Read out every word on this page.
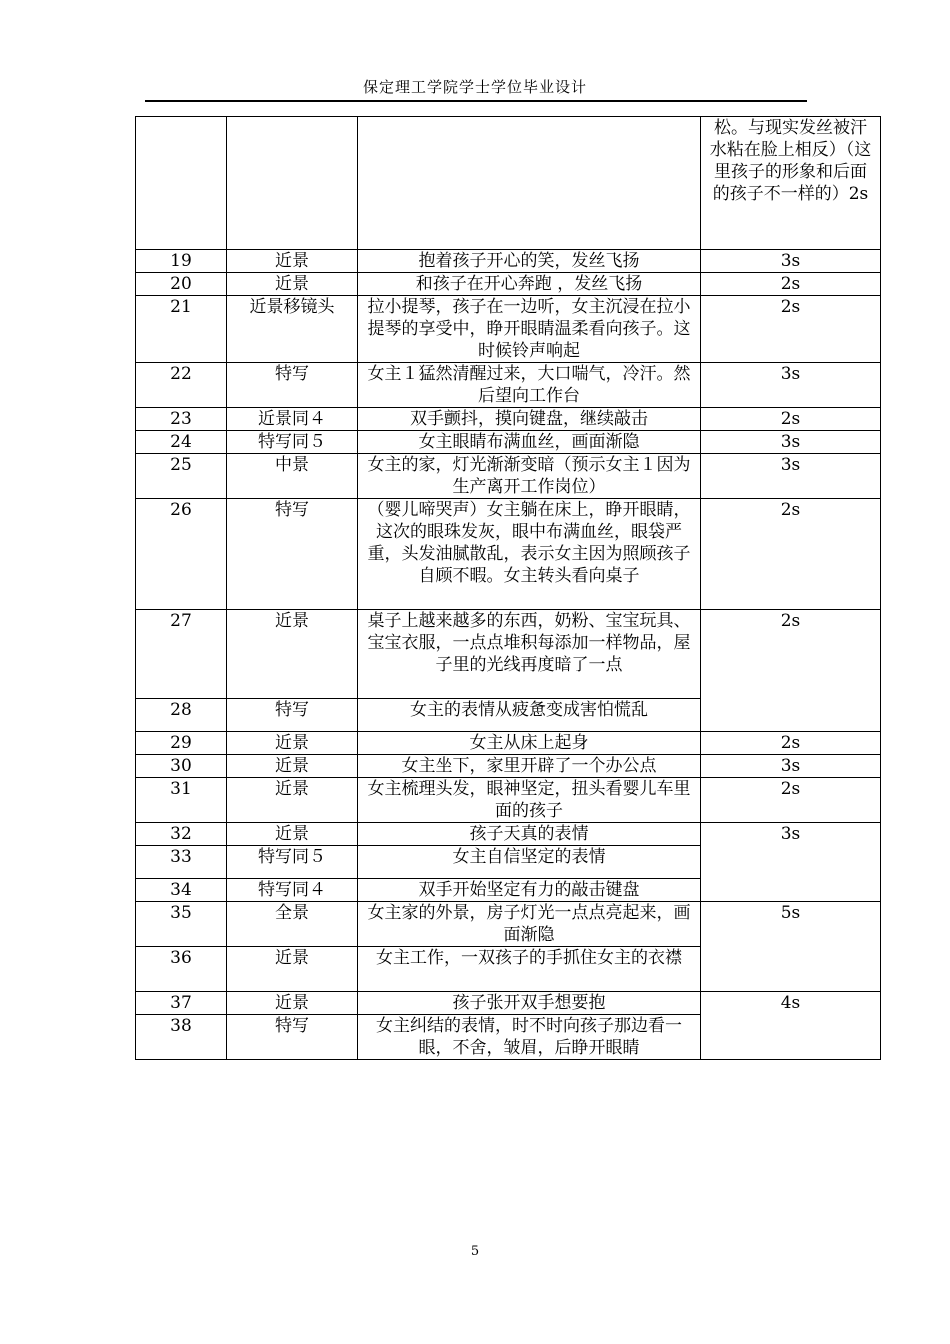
保定理工学院学士学位毕业设计
			松。与现实发丝被汗水粘在脸上相反）（这里孩子的形象和后面的孩子不一样的）2s
19	近景	抱着孩子开心的笑，发丝飞扬	3s
20	近景	和孩子在开心奔跑 ，发丝飞扬	2s
21	近景移镜头	拉小提琴，孩子在一边听，女主沉浸在拉小提琴的享受中，睁开眼睛温柔看向孩子。这时候铃声响起	2s
22	特写	女主１猛然清醒过来，大口喘气，冷汗。然后望向工作台	3s
23	近景同４	双手颤抖，摸向键盘，继续敲击	2s
24	特写同５	女主眼睛布满血丝，画面渐隐	3s
25	中景	女主的家，灯光渐渐变暗（预示女主１因为生产离开工作岗位）	3s
26	特写	（婴儿啼哭声）女主躺在床上，睁开眼睛，这次的眼珠发灰，眼中布满血丝，眼袋严重，头发油腻散乱，表示女主因为照顾孩子自顾不暇。女主转头看向桌子	2s
27	近景	桌子上越来越多的东西，奶粉、宝宝玩具、宝宝衣服，一点点堆积每添加一样物品，屋子里的光线再度暗了一点	2s
28	特写	女主的表情从疲惫变成害怕慌乱	
29	近景	女主从床上起身	2s
30	近景	女主坐下，家里开辟了一个办公点	3s
31	近景	女主梳理头发，眼神坚定，扭头看婴儿车里面的孩子	2s
32	近景	孩子天真的表情	3s
33	特写同５	女主自信坚定的表情	
34	特写同４	双手开始坚定有力的敲击键盘	
35	全景	女主家的外景，房子灯光一点点亮起来，画面渐隐	5s
36	近景	女主工作，一双孩子的手抓住女主的衣襟	
37	近景	孩子张开双手想要抱	4s
38	特写	女主纠结的表情，时不时向孩子那边看一眼，不舍，皱眉，后睁开眼睛	
5
